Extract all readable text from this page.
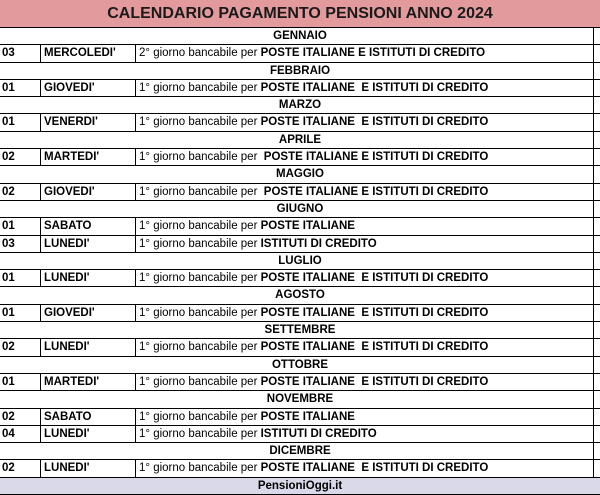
CALENDARIO PAGAMENTO PENSIONI ANNO 2024
GENNAIO
03	MERCOLEDI'	2° giorno bancabile per POSTE ITALIANE E ISTITUTI DI CREDITO
FEBBRAIO
01	GIOVEDI'	1° giorno bancabile per POSTE ITALIANE  E ISTITUTI DI CREDITO
MARZO
01	VENERDI'	1° giorno bancabile per POSTE ITALIANE  E ISTITUTI DI CREDITO
APRILE
02	MARTEDI'	1° giorno bancabile per  POSTE ITALIANE E ISTITUTI DI CREDITO
MAGGIO
02	GIOVEDI'	1° giorno bancabile per  POSTE ITALIANE E ISTITUTI DI CREDITO
GIUGNO
01	SABATO	1° giorno bancabile per POSTE ITALIANE
03	LUNEDI'	1° giorno bancabile per ISTITUTI DI CREDITO
LUGLIO
01	LUNEDI'	1° giorno bancabile per POSTE ITALIANE  E ISTITUTI DI CREDITO
AGOSTO
01	GIOVEDI'	1° giorno bancabile per POSTE ITALIANE  E ISTITUTI DI CREDITO
SETTEMBRE
02	LUNEDI'	1° giorno bancabile per POSTE ITALIANE  E ISTITUTI DI CREDITO
OTTOBRE
01	MARTEDI'	1° giorno bancabile per POSTE ITALIANE  E ISTITUTI DI CREDITO
NOVEMBRE
02	SABATO	1° giorno bancabile per POSTE ITALIANE
04	LUNEDI'	1° giorno bancabile per ISTITUTI DI CREDITO
DICEMBRE
02	LUNEDI'	1° giorno bancabile per POSTE ITALIANE  E ISTITUTI DI CREDITO
PensioniOggi.it
